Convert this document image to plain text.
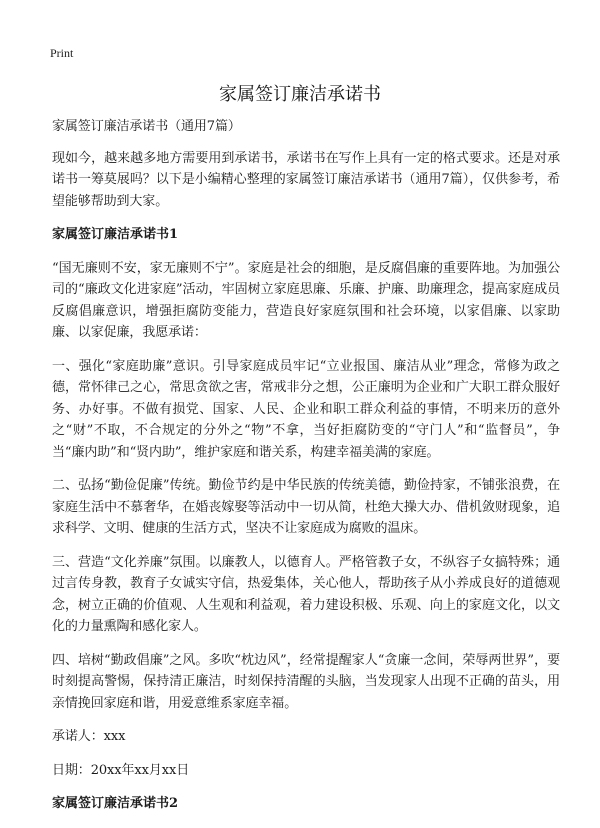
Print
家属签订廉洁承诺书

家属签订廉洁承诺书（通用7篇）

现如今，越来越多地方需要用到承诺书，承诺书在写作上具有一定的格式要求。还是对承诺书一筹莫展吗？以下是小编精心整理的家属签订廉洁承诺书（通用7篇），仅供参考，希望能够帮助到大家。

家属签订廉洁承诺书1

“国无廉则不安，家无廉则不宁”。家庭是社会的细胞，是反腐倡廉的重要阵地。为加强公司的“廉政文化进家庭”活动，牢固树立家庭思廉、乐廉、护廉、助廉理念，提高家庭成员反腐倡廉意识，增强拒腐防变能力，营造良好家庭氛围和社会环境，以家倡廉、以家助廉、以家促廉，我愿承诺：

一、强化“家庭助廉”意识。引导家庭成员牢记“立业报国、廉洁从业”理念，常修为政之德，常怀律己之心，常思贪欲之害，常戒非分之想，公正廉明为企业和广大职工群众服好务、办好事。不做有损党、国家、人民、企业和职工群众利益的事情，不明来历的意外之“财”不取，不合规定的分外之“物”不拿，当好拒腐防变的“守门人”和“监督员”，争当“廉内助”和“贤内助”，维护家庭和谐关系，构建幸福美满的家庭。

二、弘扬“勤俭促廉”传统。勤俭节约是中华民族的传统美德，勤俭持家，不铺张浪费，在家庭生活中不慕奢华，在婚丧嫁娶等活动中一切从简，杜绝大操大办、借机敛财现象，追求科学、文明、健康的生活方式，坚决不让家庭成为腐败的温床。

三、营造“文化养廉”氛围。以廉教人，以德育人。严格管教子女，不纵容子女搞特殊；通过言传身教，教育子女诚实守信，热爱集体，关心他人，帮助孩子从小养成良好的道德观念，树立正确的价值观、人生观和利益观，着力建设积极、乐观、向上的家庭文化，以文化的力量熏陶和感化家人。

四、培树“勤政倡廉”之风。多吹“枕边风”，经常提醒家人“贪廉一念间，荣辱两世界”，要时刻提高警惕，保持清正廉洁，时刻保持清醒的头脑，当发现家人出现不正确的苗头，用亲情挽回家庭和谐，用爱意维系家庭幸福。

承诺人：xxx

日期：20xx年xx月xx日

家属签订廉洁承诺书2
